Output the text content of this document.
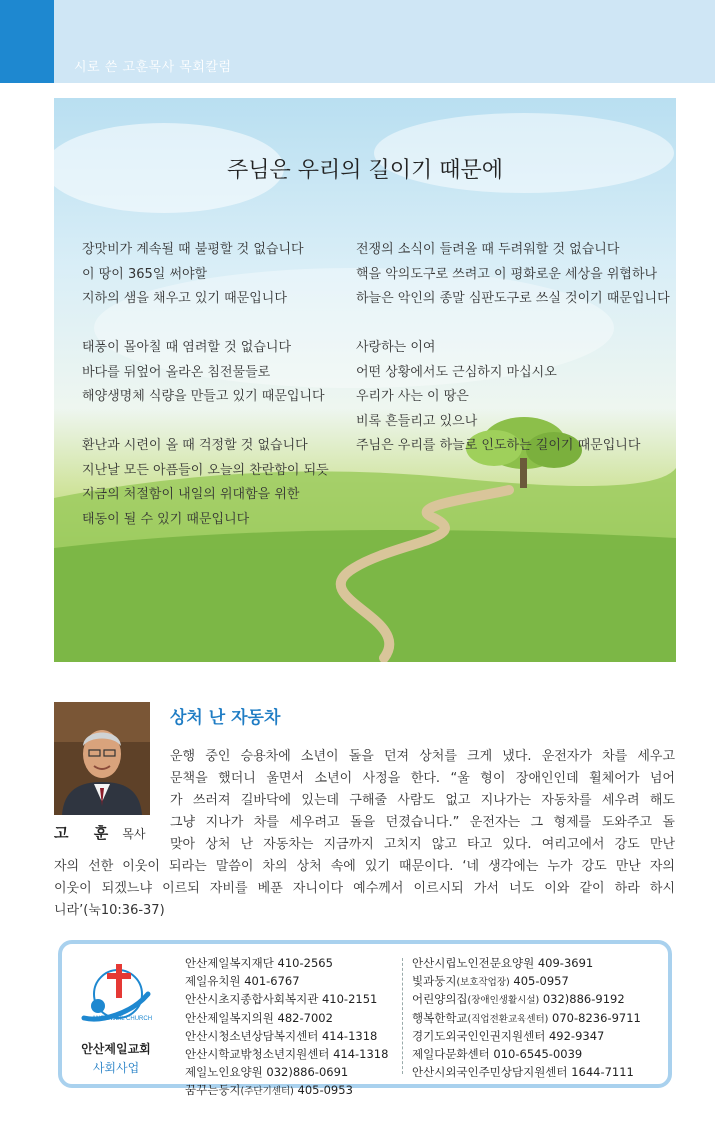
시로 쓴 고훈목사 목회칼럼
주님은 우리의 길이기 때문에
장맛비가 계속될 때 불평할 것 없습니다
이 땅이 365일 써야할
지하의 샘을 채우고 있기 때문입니다
태풍이 몰아칠 때 염려할 것 없습니다
바다를 뒤엎어 올라온 침전물들로
해양생명체 식량을 만들고 있기 때문입니다
환난과 시련이 올 때 걱정할 것 없습니다
지난날 모든 아픔들이 오늘의 찬란함이 되듯
지금의 처절함이 내일의 위대함을 위한
태동이 될 수 있기 때문입니다
전쟁의 소식이 들려올 때 두려워할 것 없습니다
핵을 악의도구로 쓰려고 이 평화로운 세상을 위협하나
하늘은 악인의 종말 심판도구로 쓰실 것이기 때문입니다
사랑하는 이여
어떤 상황에서도 근심하지 마십시오
우리가 사는 이 땅은
비록 흔들리고 있으나
주님은 우리를 하늘로 인도하는 길이기 때문입니다
고 훈 목사
상처 난 자동차
운행 중인 승용차에 소년이 돌을 던져 상처를 크게 냈다. 운전자가 차를 세우고
문책을 했더니 울면서 소년이 사정을 한다. “울 형이 장애인인데 휠체어가 넘어
가 쓰러져 길바닥에 있는데 구해줄 사람도 없고 지나가는 자동차를 세우려 해도
그냥 지나가 차를 세우려고 돌을 던졌습니다.” 운전자는 그 형제를 도와주고 돌
맞아 상처 난 자동차는 지금까지 고치지 않고 타고 있다. 여리고에서 강도 만난
자의 선한 이웃이 되라는 말씀이 차의 상처 속에 있기 때문이다. ‘네 생각에는 누가 강도 만난 자의
이웃이 되겠느냐 이르되 자비를 베푼 자니이다 예수께서 이르시되 가서 너도 이와 같이 하라 하시
니라’(눅10:36-37)
ANSANJEIL CHURCH
안산제일교회
사회사업
안산제일복지재단 410-2565
제일유치원 401-6767
안산시초지종합사회복지관 410-2151
안산제일복지의원 482-7002
안산시청소년상담복지센터 414-1318
안산시학교밖청소년지원센터 414-1318
제일노인요양원 032)886-0691
꿈꾸는둥지(주단기센터) 405-0953
안산시립노인전문요양원 409-3691
빛과둥지(보호작업장) 405-0957
어린양의집(장애인생활시설) 032)886-9192
행복한학교(직업전환교육센터) 070-8236-9711
경기도외국인인권지원센터 492-9347
제일다문화센터 010-6545-0039
안산시외국인주민상담지원센터 1644-7111
